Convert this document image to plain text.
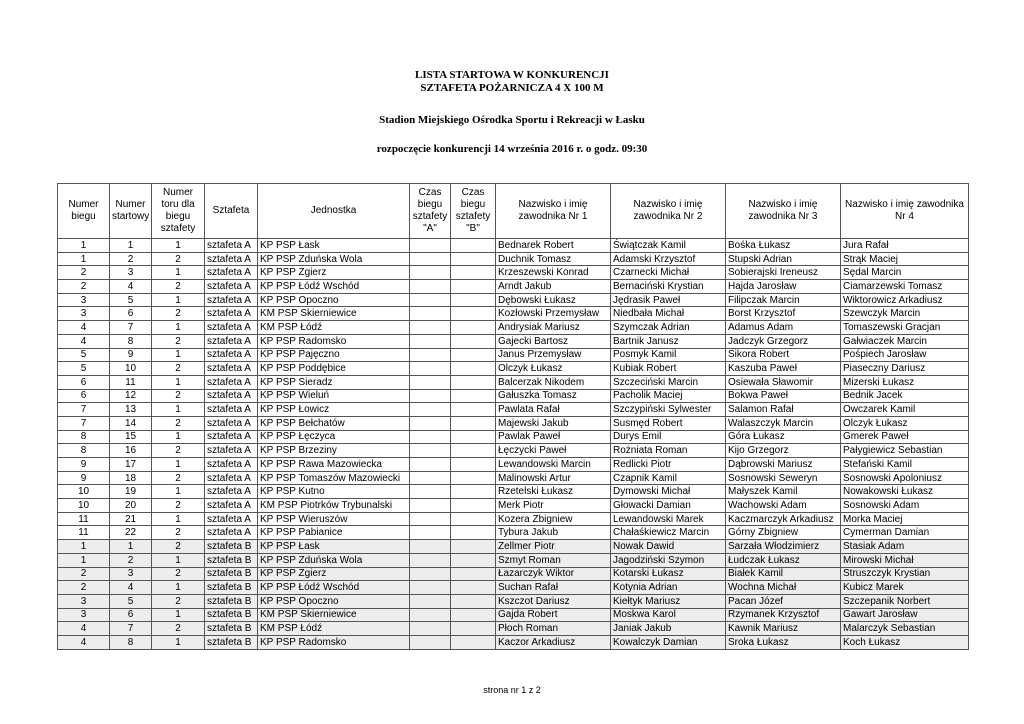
LISTA STARTOWA W KONKURENCJI
SZTAFETA POŻARNICZA 4 X 100 M
Stadion Miejskiego Ośrodka Sportu i Rekreacji w Łasku
rozpoczęcie konkurencji 14 września 2016 r. o godz. 09:30
Numer biegu	Numer startowy	Numer toru dla biegu sztafety	Sztafeta	Jednostka	Czas biegu sztafety "A"	Czas biegu sztafety "B"	Nazwisko i imię zawodnika Nr 1	Nazwisko i imię zawodnika Nr 2	Nazwisko i imię zawodnika Nr 3	Nazwisko i imię zawodnika Nr 4
1	1	1	sztafeta A	KP PSP Łask			Bednarek Robert	Świątczak Kamil	Bośka Łukasz	Jura Rafał
1	2	2	sztafeta A	KP PSP Zduńska Wola			Duchnik Tomasz	Adamski Krzysztof	Stupski Adrian	Strąk Maciej
2	3	1	sztafeta A	KP PSP Zgierz			Krzeszewski Konrad	Czarnecki Michał	Sobierajski Ireneusz	Sędal Marcin
2	4	2	sztafeta A	KP PSP Łódź Wschód			Arndt Jakub	Bernaciński Krystian	Hajda Jarosław	Ciamarzewski Tomasz
3	5	1	sztafeta A	KP PSP Opoczno			Dębowski Łukasz	Jędrasik Paweł	Filipczak Marcin	Wiktorowicz Arkadiusz
3	6	2	sztafeta A	KM PSP Skierniewice			Kozłowski Przemysław	Niedbała Michał	Borst Krzysztof	Szewczyk Marcin
4	7	1	sztafeta A	KM PSP Łódź			Andrysiak Mariusz	Szymczak Adrian	Adamus Adam	Tomaszewski Gracjan
4	8	2	sztafeta A	KP PSP Radomsko			Gajecki Bartosz	Bartnik Janusz	Jadczyk Grzegorz	Gałwiaczek Marcin
5	9	1	sztafeta A	KP PSP Pajęczno			Janus Przemysław	Posmyk Kamil	Sikora Robert	Pośpiech Jarosław
5	10	2	sztafeta A	KP PSP Poddębice			Olczyk Łukasz	Kubiak Robert	Kaszuba Paweł	Piaseczny Dariusz
6	11	1	sztafeta A	KP PSP Sieradz			Balcerzak Nikodem	Szczeciński Marcin	Osiewała Sławomir	Mizerski Łukasz
6	12	2	sztafeta A	KP PSP Wieluń			Gałuszka Tomasz	Pacholik Maciej	Bokwa Paweł	Bednik Jacek
7	13	1	sztafeta A	KP PSP Łowicz			Pawlata Rafał	Szczypiński Sylwester	Salamon Rafał	Owczarek Kamil
7	14	2	sztafeta A	KP PSP Bełchatów			Majewski Jakub	Susmęd Robert	Walaszczyk Marcin	Olczyk Łukasz
8	15	1	sztafeta A	KP PSP Łęczyca			Pawlak Paweł	Durys Emil	Góra Łukasz	Gmerek Paweł
8	16	2	sztafeta A	KP PSP Brzeziny			Łęczycki Paweł	Rożniata Roman	Kijo Grzegorz	Pałygiewicz Sebastian
9	17	1	sztafeta A	KP PSP Rawa Mazowiecka			Lewandowski Marcin	Redlicki Piotr	Dąbrowski Mariusz	Stefański Kamil
9	18	2	sztafeta A	KP PSP Tomaszów Mazowiecki			Malinowski Artur	Czapnik Kamil	Sosnowski Seweryn	Sosnowski Apoloniusz
10	19	1	sztafeta A	KP PSP Kutno			Rzetelski Łukasz	Dymowski Michał	Małyszek Kamil	Nowakowski Łukasz
10	20	2	sztafeta A	KM PSP Piotrków Trybunalski			Merk Piotr	Głowacki Damian	Wachowski Adam	Sosnowski Adam
11	21	1	sztafeta A	KP PSP Wieruszów			Kozera Zbigniew	Lewandowski Marek	Kaczmarczyk Arkadiusz	Morka Maciej
11	22	2	sztafeta A	KP PSP Pabianice			Tybura Jakub	Chałaśkiewicz Marcin	Górny Zbigniew	Cymerman Damian
1	1	2	sztafeta B	KP PSP Łask			Zellmer Piotr	Nowak Dawid	Sarzała Włodzimierz	Stasiak Adam
1	2	1	sztafeta B	KP PSP Zduńska Wola			Szmyt Roman	Jagodziński Szymon	Łudczak Łukasz	Mirowski Michał
2	3	2	sztafeta B	KP PSP Zgierz			Łazarczyk Wiktor	Kotarski Łukasz	Białek Kamil	Struszczyk Krystian
2	4	1	sztafeta B	KP PSP Łódź Wschód			Suchan Rafał	Kotynia Adrian	Wochna Michał	Kubicz Marek
3	5	2	sztafeta B	KP PSP Opoczno			Kszczot Dariusz	Kiełtyk Mariusz	Pacan Józef	Szczepanik Norbert
3	6	1	sztafeta B	KM PSP Skierniewice			Gajda Robert	Moskwa Karol	Rzymanek Krzysztof	Gawart Jarosław
4	7	2	sztafeta B	KM PSP Łódź			Płoch Roman	Janiak Jakub	Kawnik Mariusz	Malarczyk Sebastian
4	8	1	sztafeta B	KP PSP Radomsko			Kaczor Arkadiusz	Kowalczyk Damian	Sroka Łukasz	Koch Łukasz
strona nr 1 z 2
